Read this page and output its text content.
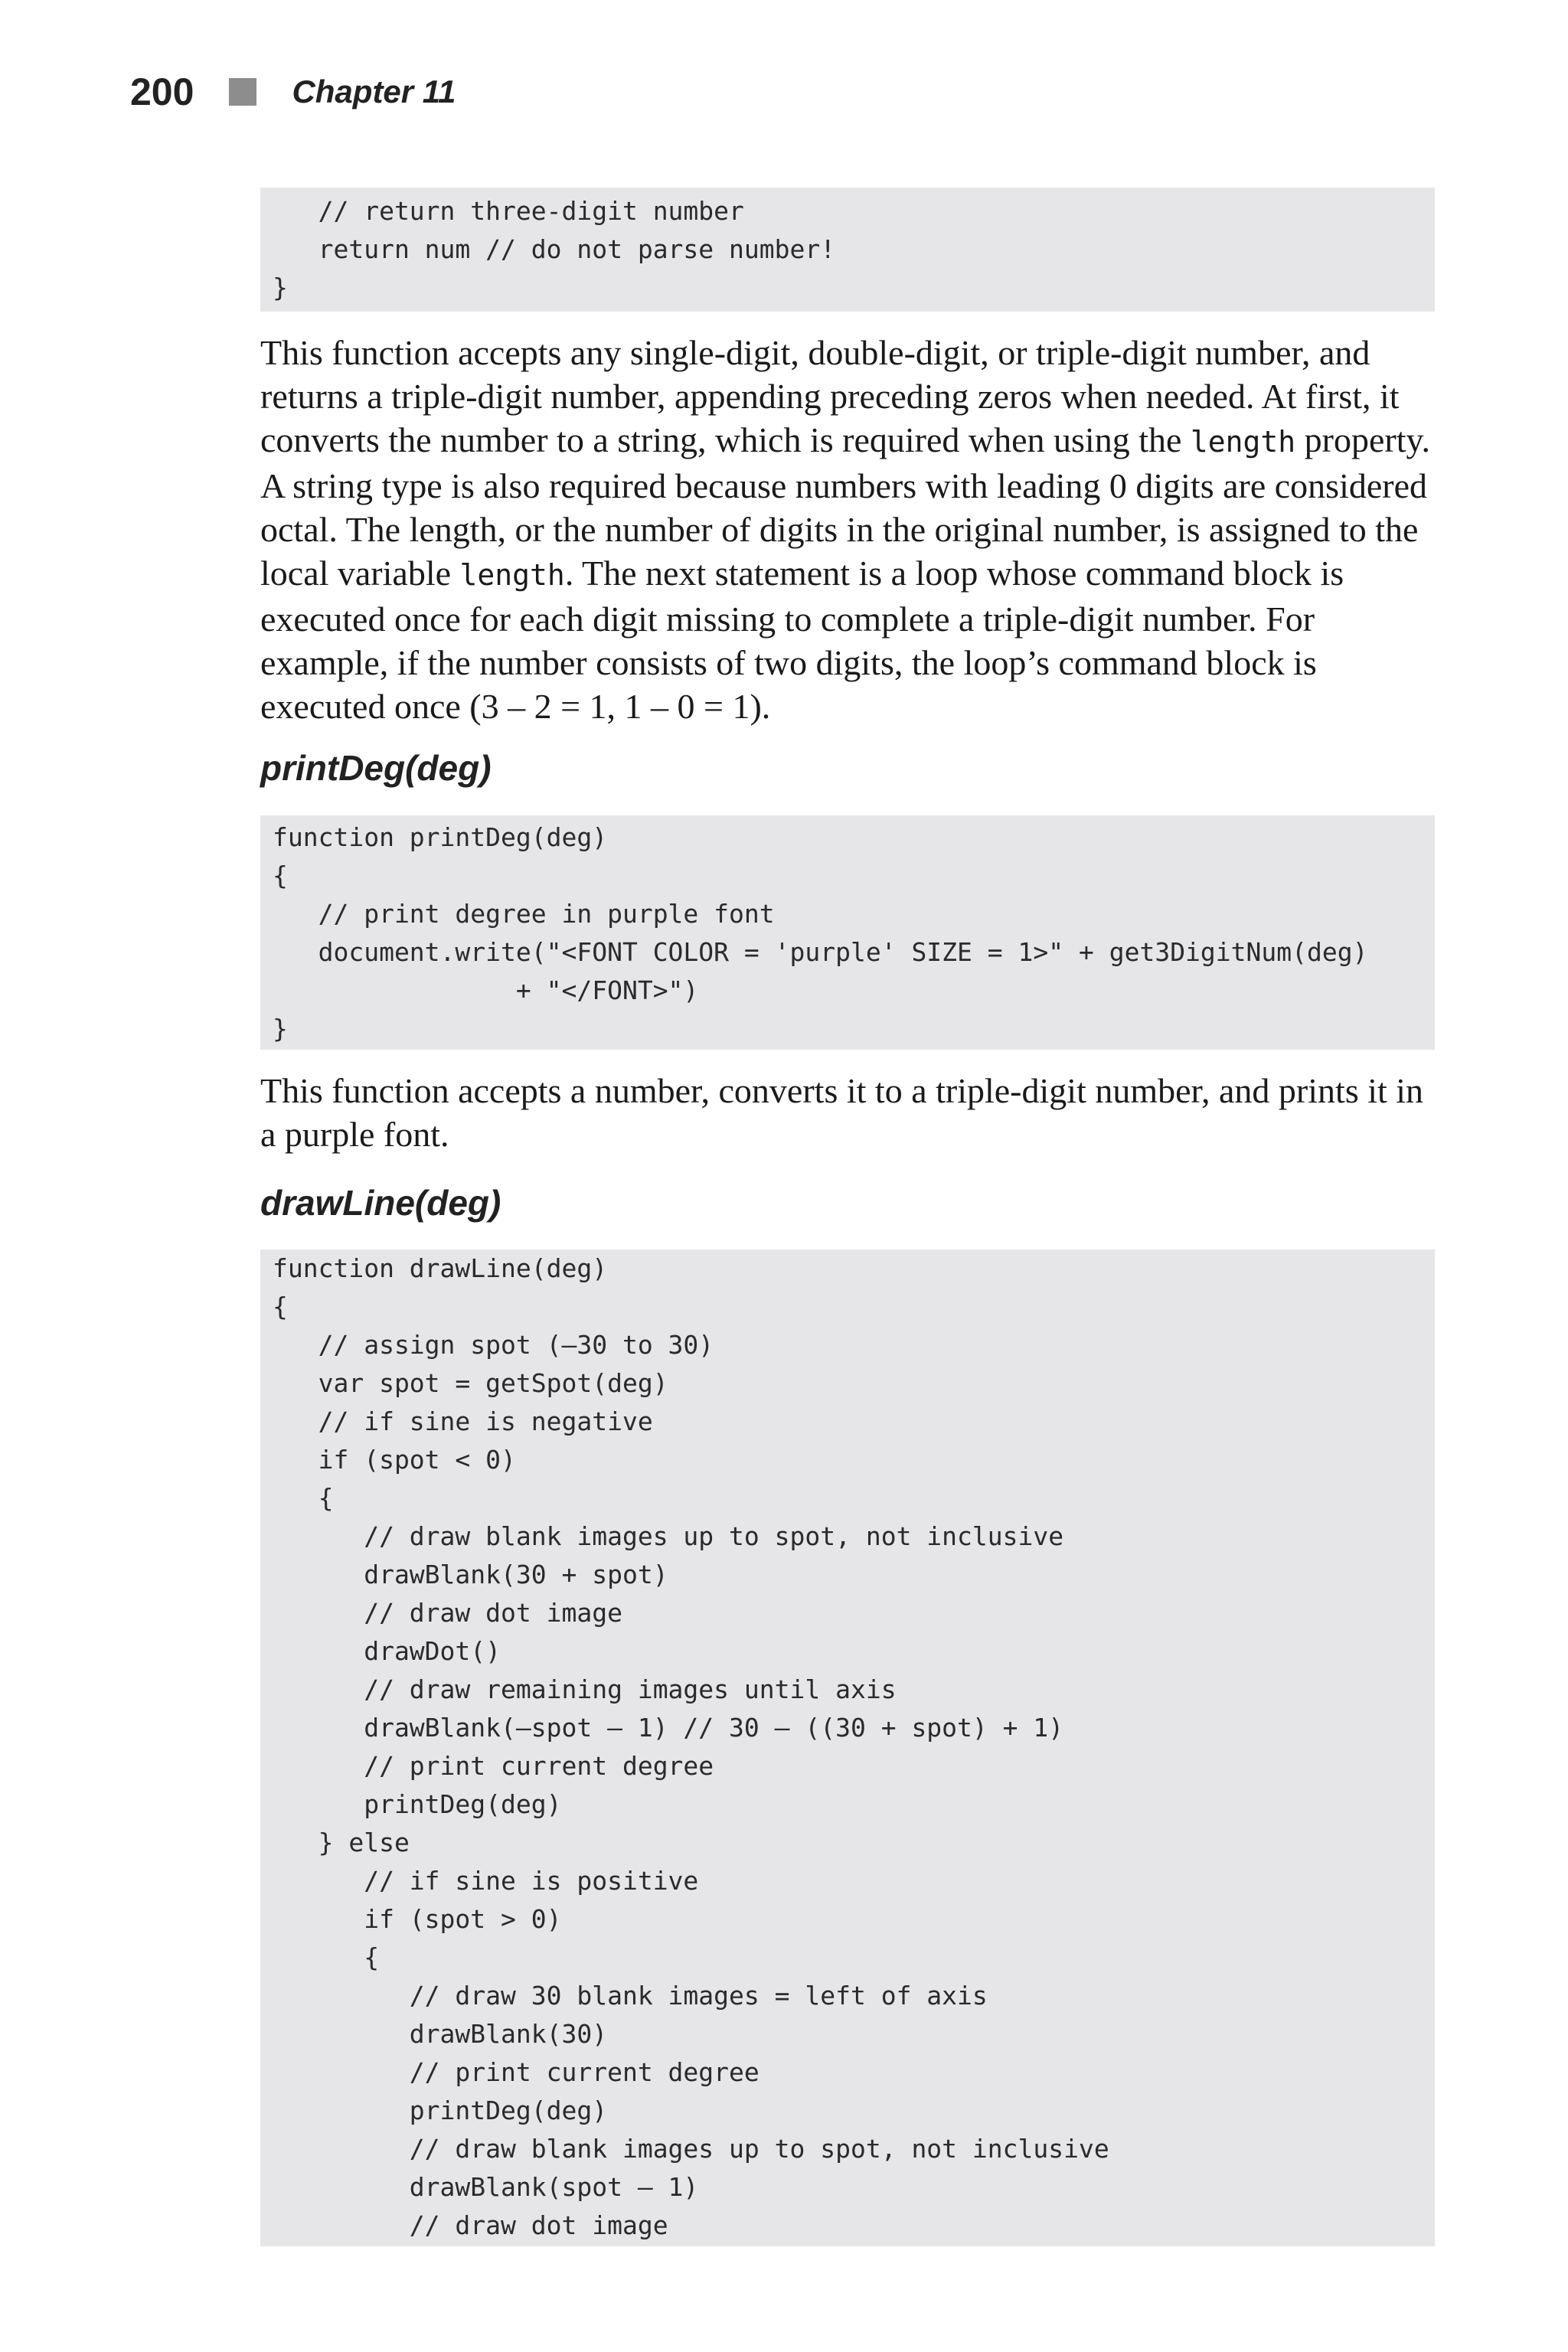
200	Chapter 11
// return three-digit number
return num // do not parse number!
}

This function accepts any single-digit, double-digit, or triple-digit number, and returns a triple-digit number, appending preceding zeros when needed. At first, it converts the number to a string, which is required when using the length property. A string type is also required because numbers with leading 0 digits are considered octal. The length, or the number of digits in the original number, is assigned to the local variable length. The next statement is a loop whose command block is executed once for each digit missing to complete a triple-digit number. For example, if the number consists of two digits, the loop’s command block is executed once (3 – 2 = 1, 1 – 0 = 1).

printDeg(deg)
function printDeg(deg)
{
// print degree in purple font
document.write("<FONT COLOR = 'purple' SIZE = 1>" + get3DigitNum(deg)
+ "</FONT>")
}

This function accepts a number, converts it to a triple-digit number, and prints it in a purple font.

drawLine(deg)
function drawLine(deg)
{
// assign spot (–30 to 30)
var spot = getSpot(deg)
// if sine is negative
if (spot < 0)
{
// draw blank images up to spot, not inclusive
drawBlank(30 + spot)
// draw dot image
drawDot()
// draw remaining images until axis
drawBlank(–spot – 1) // 30 – ((30 + spot) + 1)
// print current degree
printDeg(deg)
} else
// if sine is positive
if (spot > 0)
{
// draw 30 blank images = left of axis
drawBlank(30)
// print current degree
printDeg(deg)
// draw blank images up to spot, not inclusive
drawBlank(spot – 1)
// draw dot image
